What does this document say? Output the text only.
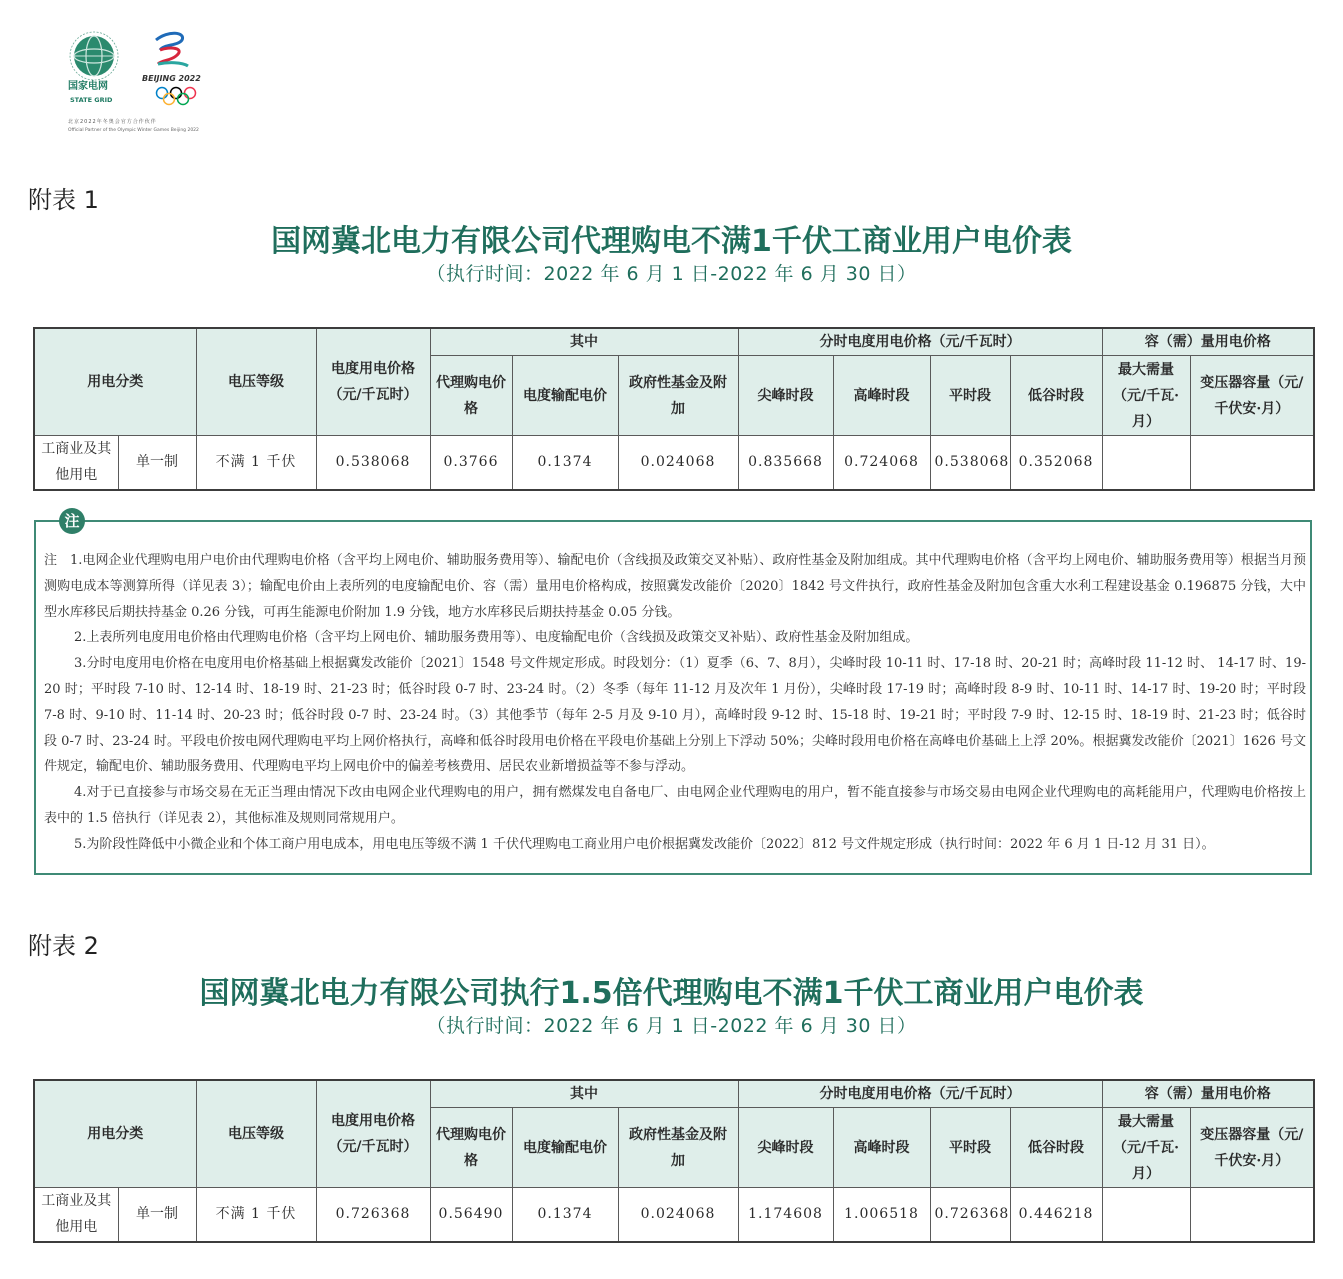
国家电网
STATE GRID
BEIJING 2022
北京2022年冬奥会官方合作伙伴
Official Partner of the Olympic Winter Games Beijing 2022
附表 1
国网冀北电力有限公司代理购电不满1千伏工商业用户电价表
（执行时间：2022 年 6 月 1 日-2022 年 6 月 30 日）
用电分类		电压等级	电度用电价格（元/千瓦时）	其中			分时电度用电价格（元/千瓦时）				容（需）量用电价格	
				代理购电价格	电度输配电价	政府性基金及附加	尖峰时段	高峰时段	平时段	低谷时段	最大需量（元/千瓦·月）	变压器容量（元/千伏安·月）
工商业及其他用电	单一制	不满 1 千伏	0.538068	0.3766	0.1374	0.024068	0.835668	0.724068	0.538068	0.352068		
注

注　1.电网企业代理购电用户电价由代理购电价格（含平均上网电价、辅助服务费用等）、输配电价（含线损及政策交叉补贴）、政府性基金及附加组成。其中代理购电价格（含平均上网电价、辅助服务费用等）根据当月预测购电成本等测算所得（详见表 3）；输配电价由上表所列的电度输配电价、容（需）量用电价格构成，按照冀发改能价〔2020〕1842 号文件执行，政府性基金及附加包含重大水利工程建设基金 0.196875 分钱，大中型水库移民后期扶持基金 0.26 分钱，可再生能源电价附加 1.9 分钱，地方水库移民后期扶持基金 0.05 分钱。

2.上表所列电度用电价格由代理购电价格（含平均上网电价、辅助服务费用等）、电度输配电价（含线损及政策交叉补贴）、政府性基金及附加组成。

3.分时电度用电价格在电度用电价格基础上根据冀发改能价〔2021〕1548 号文件规定形成。时段划分：（1）夏季（6、7、8月），尖峰时段 10-11 时、17-18 时、20-21 时；高峰时段 11-12 时、 14-17 时、19-20 时；平时段 7-10 时、12-14 时、18-19 时、21-23 时；低谷时段 0-7 时、23-24 时。（2）冬季（每年 11-12 月及次年 1 月份），尖峰时段 17-19 时；高峰时段 8-9 时、10-11 时、14-17 时、19-20 时；平时段 7-8 时、9-10 时、11-14 时、20-23 时；低谷时段 0-7 时、23-24 时。（3）其他季节（每年 2-5 月及 9-10 月），高峰时段 9-12 时、15-18 时、19-21 时；平时段 7-9 时、12-15 时、18-19 时、21-23 时；低谷时段 0-7 时、23-24 时。平段电价按电网代理购电平均上网价格执行，高峰和低谷时段用电价格在平段电价基础上分别上下浮动 50%；尖峰时段用电价格在高峰电价基础上上浮 20%。根据冀发改能价〔2021〕1626 号文件规定，输配电价、辅助服务费用、代理购电平均上网电价中的偏差考核费用、居民农业新增损益等不参与浮动。

4.对于已直接参与市场交易在无正当理由情况下改由电网企业代理购电的用户，拥有燃煤发电自备电厂、由电网企业代理购电的用户，暂不能直接参与市场交易由电网企业代理购电的高耗能用户，代理购电价格按上表中的 1.5 倍执行（详见表 2），其他标准及规则同常规用户。

5.为阶段性降低中小微企业和个体工商户用电成本，用电电压等级不满 1 千伏代理购电工商业用户电价根据冀发改能价〔2022〕812 号文件规定形成（执行时间：2022 年 6 月 1 日-12 月 31 日）。

附表 2
国网冀北电力有限公司执行1.5倍代理购电不满1千伏工商业用户电价表
（执行时间：2022 年 6 月 1 日-2022 年 6 月 30 日）
用电分类		电压等级	电度用电价格（元/千瓦时）	其中			分时电度用电价格（元/千瓦时）				容（需）量用电价格	
				代理购电价格	电度输配电价	政府性基金及附加	尖峰时段	高峰时段	平时段	低谷时段	最大需量（元/千瓦·月）	变压器容量（元/千伏安·月）
工商业及其他用电	单一制	不满 1 千伏	0.726368	0.56490	0.1374	0.024068	1.174608	1.006518	0.726368	0.446218		
